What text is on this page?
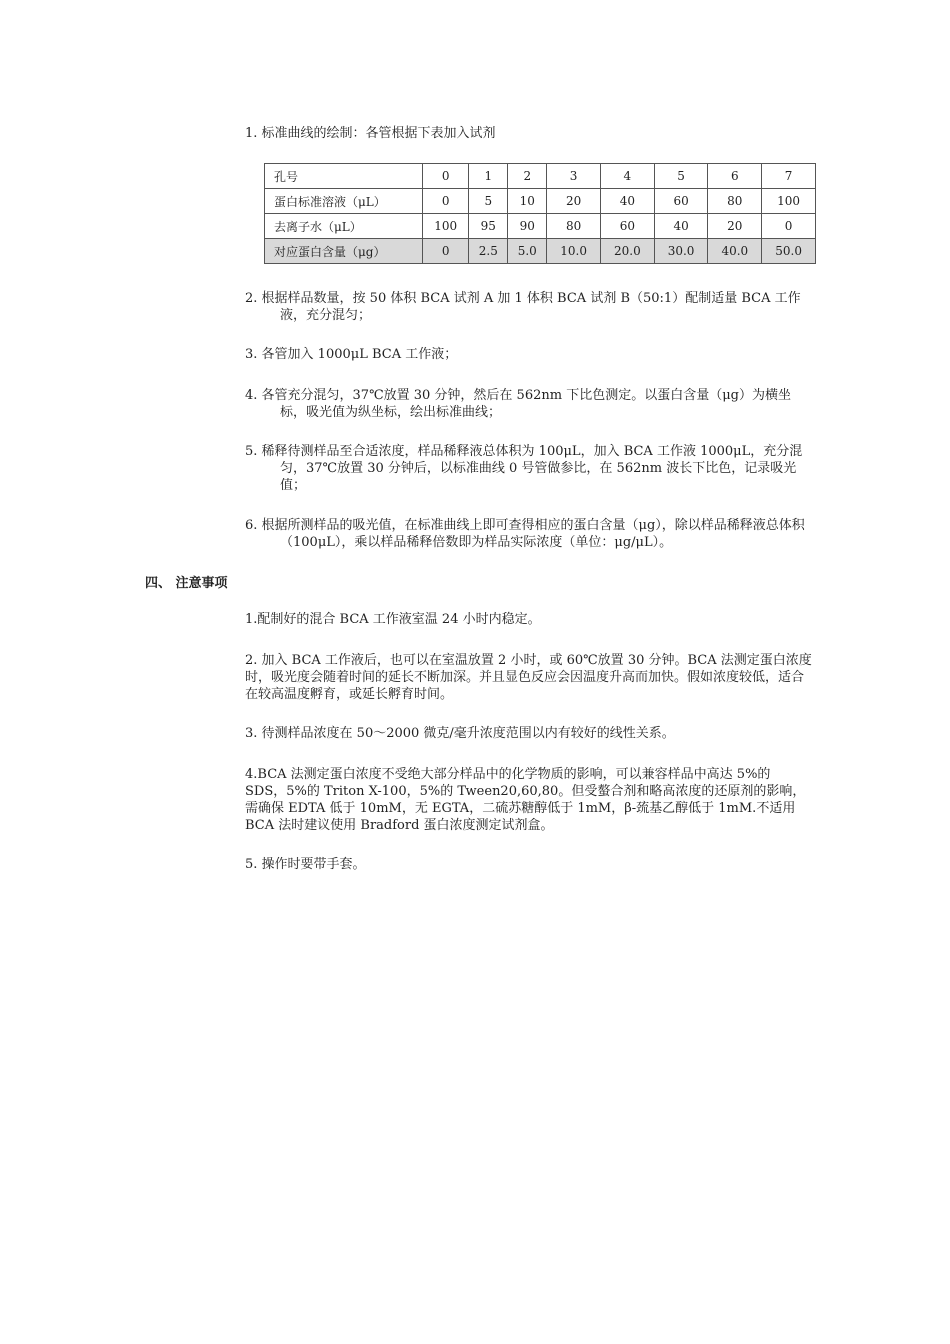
1. 标准曲线的绘制：各管根据下表加入试剂

孔号	0	1	2	3	4	5	6	7
蛋白标准溶液（μL）	0	5	10	20	40	60	80	100
去离子水（μL）	100	95	90	80	60	40	20	0
对应蛋白含量（μg）	0	2.5	5.0	10.0	20.0	30.0	40.0	50.0

2. 根据样品数量，按 50 体积 BCA 试剂 A 加 1 体积 BCA 试剂 B（50:1）配制适量 BCA 工作液，充分混匀；

3. 各管加入 1000μL BCA 工作液；

4. 各管充分混匀，37℃放置 30 分钟，然后在 562nm 下比色测定。以蛋白含量（μg）为横坐标，吸光值为纵坐标，绘出标准曲线；

5. 稀释待测样品至合适浓度，样品稀释液总体积为 100μL，加入 BCA 工作液 1000μL，充分混匀，37℃放置 30 分钟后，以标准曲线 0 号管做参比，在 562nm 波长下比色，记录吸光值；

6. 根据所测样品的吸光值，在标准曲线上即可查得相应的蛋白含量（μg），除以样品稀释液总体积（100μL），乘以样品稀释倍数即为样品实际浓度（单位：μg/μL）。

四、 注意事项

1.配制好的混合 BCA 工作液室温 24 小时内稳定。

2. 加入 BCA 工作液后，也可以在室温放置 2 小时，或 60℃放置 30 分钟。BCA 法测定蛋白浓度时，吸光度会随着时间的延长不断加深。并且显色反应会因温度升高而加快。假如浓度较低，适合在较高温度孵育，或延长孵育时间。

3. 待测样品浓度在 50～2000 微克/毫升浓度范围以内有较好的线性关系。

4.BCA 法测定蛋白浓度不受绝大部分样品中的化学物质的影响，可以兼容样品中高达 5%的 SDS，5%的 Triton X-100，5%的 Tween20,60,80。但受螯合剂和略高浓度的还原剂的影响，需确保 EDTA 低于 10mM，无 EGTA，二硫苏糖醇低于 1mM，β-巯基乙醇低于 1mM.不适用 BCA 法时建议使用 Bradford 蛋白浓度测定试剂盒。

5. 操作时要带手套。
